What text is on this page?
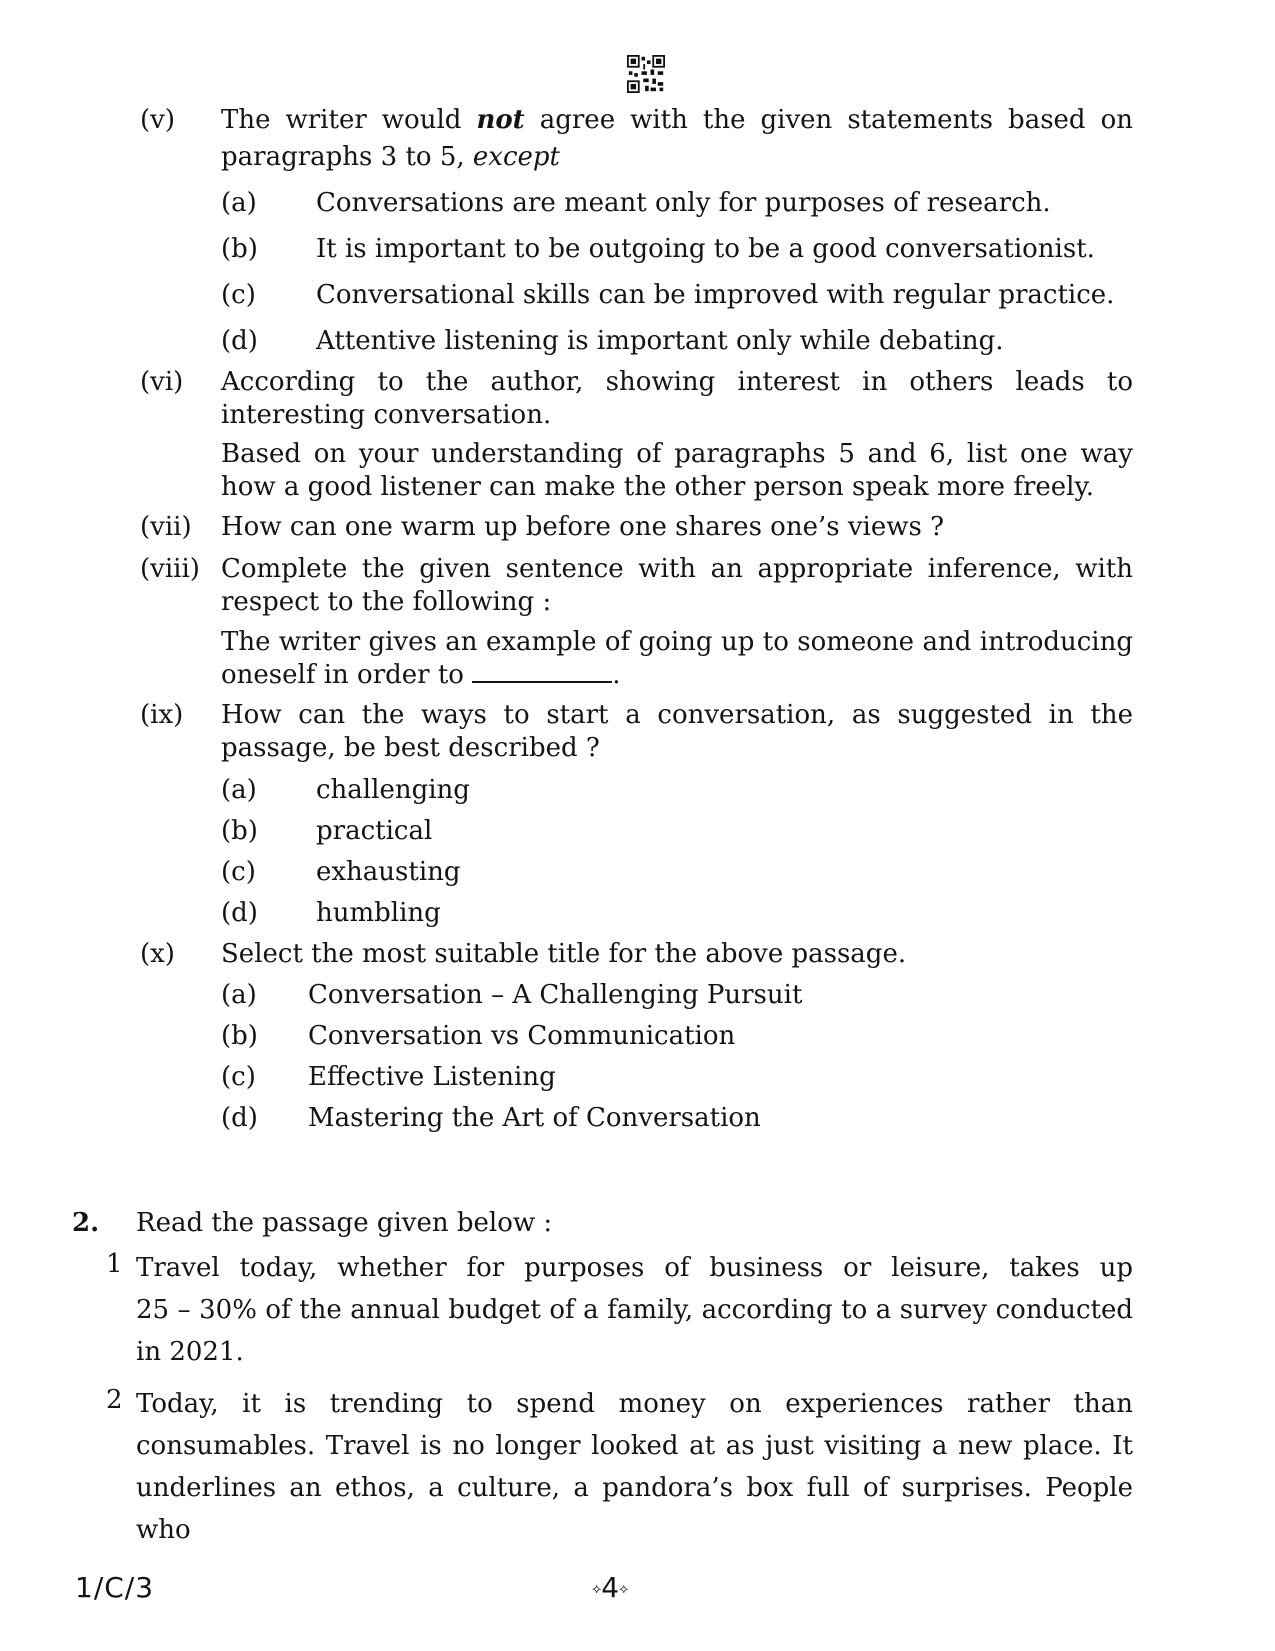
(v) The writer would not agree with the given statements based on
paragraphs 3 to 5, except
(a) Conversations are meant only for purposes of research.
(b) It is important to be outgoing to be a good conversationist.
(c) Conversational skills can be improved with regular practice.
(d) Attentive listening is important only while debating.
(vi) According to the author, showing interest in others leads to
interesting conversation.
Based on your understanding of paragraphs 5 and 6, list one way
how a good listener can make the other person speak more freely.
(vii) How can one warm up before one shares one’s views ?
(viii) Complete the given sentence with an appropriate inference, with
respect to the following :
The writer gives an example of going up to someone and introducing
oneself in order to	.
(ix) How can the ways to start a conversation, as suggested in the
passage, be best described ?
(a) challenging
(b) practical
(c) exhausting
(d) humbling
(x) Select the most suitable title for the above passage.
(a) Conversation – A Challenging Pursuit
(b) Conversation vs Communication
(c) Effective Listening
(d) Mastering the Art of Conversation
2. Read the passage given below :
1 Travel today, whether for purposes of business or leisure, takes up
25 – 30% of the annual budget of a family, according to a survey conducted
in 2021.
2 Today, it is trending to spend money on experiences rather than
consumables. Travel is no longer looked at as just visiting a new place. It
underlines an ethos, a culture, a pandora’s box full of surprises. People who
1/C/3	⟡4⟡
